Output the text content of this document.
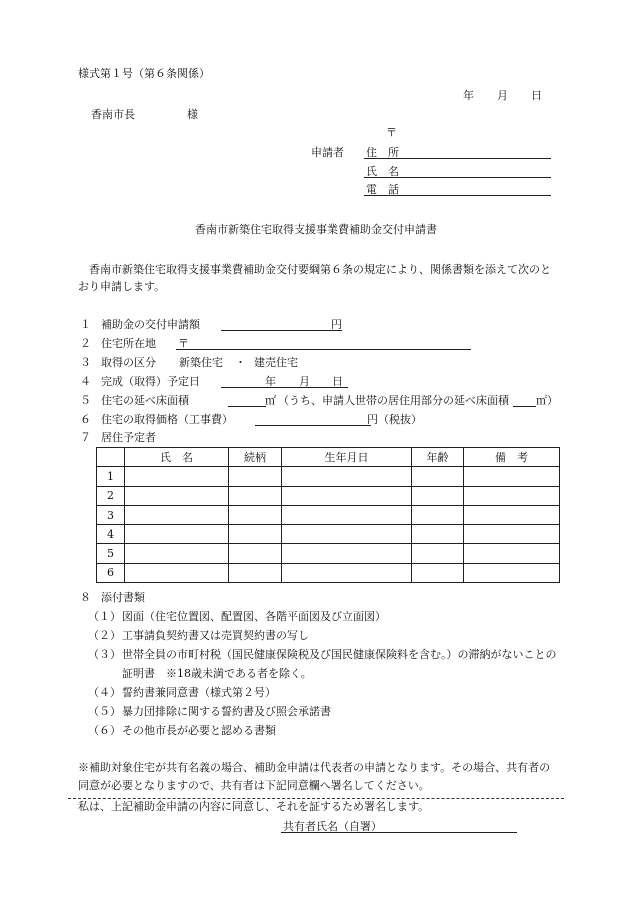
様式第１号（第６条関係）
年 月 日
香南市長	様
〒
申請者 住　所
氏　名
電　話
香南市新築住宅取得支援事業費補助金交付申請書
香南市新築住宅取得支援事業費補助金交付要綱第６条の規定により、関係書類を添えて次のと
おり申請します。
１ 補助金の交付申請額	円
２ 住宅所在地 〒
３ 取得の区分 新築住宅 ・ 建売住宅
４ 完成（取得）予定日	年 月 日
５ 住宅の延べ床面積	㎡ （うち、申請人世帯の居住用部分の延べ床面積 ㎡）
６ 住宅の取得価格（工事費）	円（税抜）
７ 居住予定者
	氏　名	続柄	生年月日	年齢	備　考
1					
2					
3					
4					
5					
6					
８ 添付書類
（１） 図面（住宅位置図、配置図、各階平面図及び立面図）
（２） 工事請負契約書又は売買契約書の写し
（３） 世帯全員の市町村税（国民健康保険税及び国民健康保険料を含む。）の滞納がないことの
証明書　※18歳未満である者を除く。
（４） 誓約書兼同意書（様式第２号）
（５） 暴力団排除に関する誓約書及び照会承諾書
（６） その他市長が必要と認める書類
※補助対象住宅が共有名義の場合、補助金申請は代表者の申請となります。その場合、共有者の
同意が必要となりますので、共有者は下記同意欄へ署名してください。
私は、上記補助金申請の内容に同意し、それを証するため署名します。
共有者氏名（自署）
